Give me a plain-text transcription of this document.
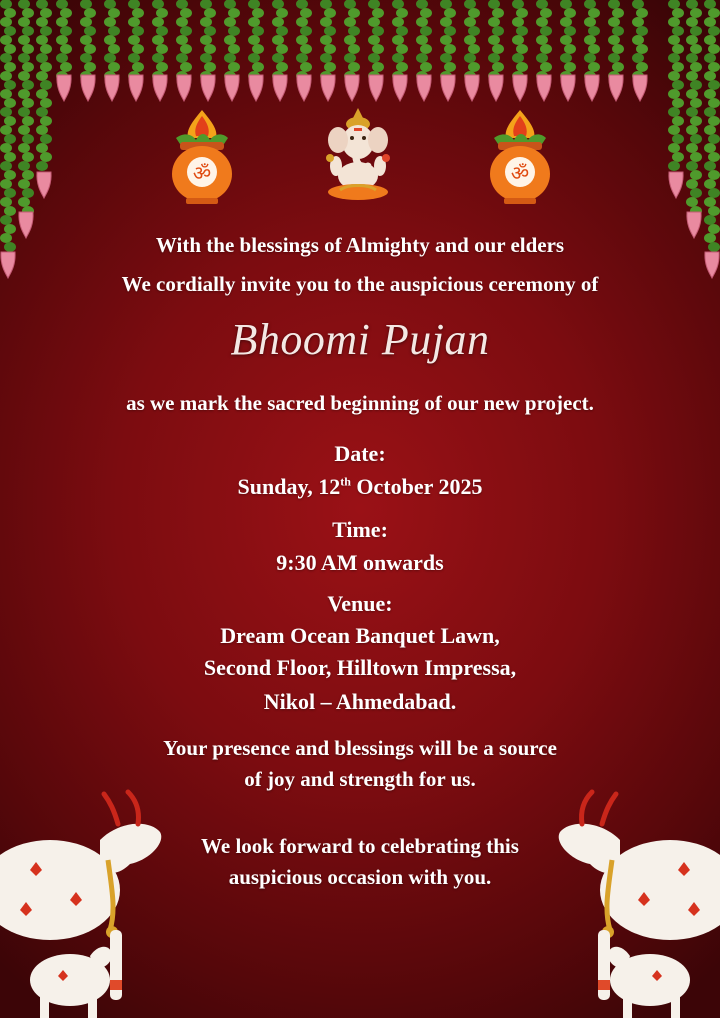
ॐ	ॐ
With the blessings of Almighty and our elders
We cordially invite you to the auspicious ceremony of
Bhoomi Pujan
as we mark the sacred beginning of our new project.
Date:
Sunday, 12th October 2025
Time:
9:30 AM onwards
Venue:
Dream Ocean Banquet Lawn,
Second Floor, Hilltown Impressa,
Nikol – Ahmedabad.
Your presence and blessings will be a source
of joy and strength for us.
We look forward to celebrating this
auspicious occasion with you.
